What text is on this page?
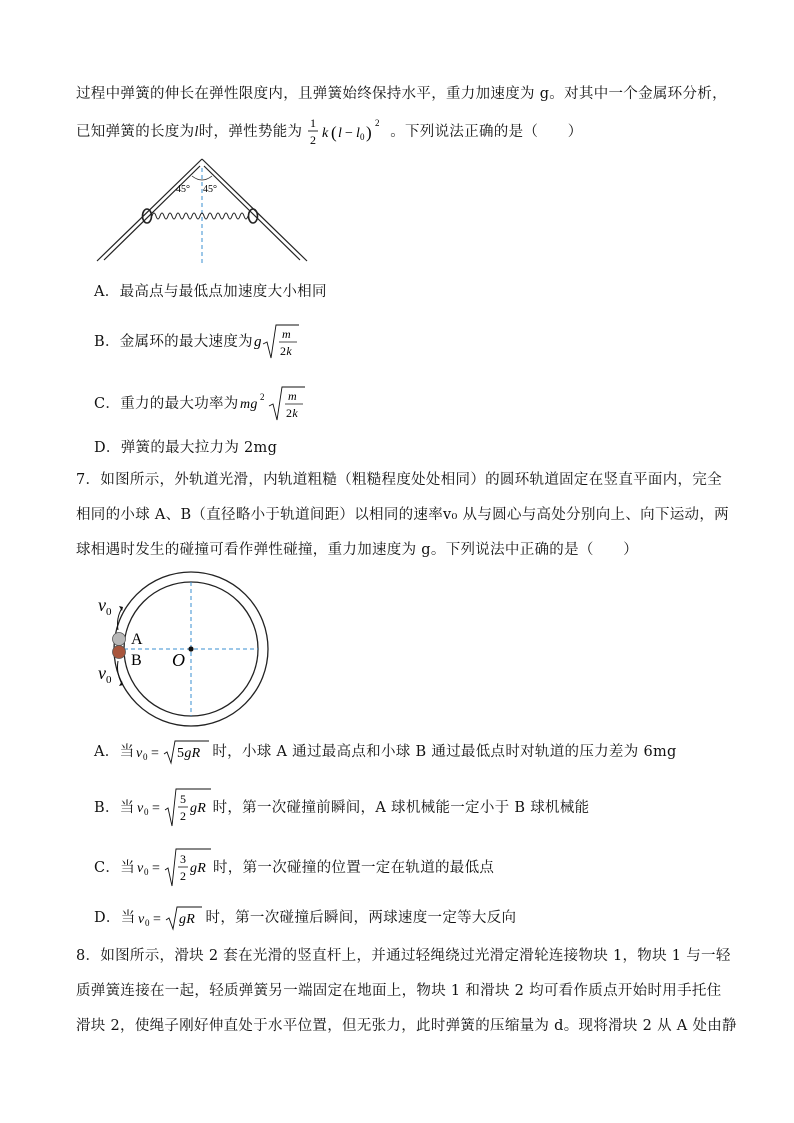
过程中弹簧的伸长在弹性限度内，且弹簧始终保持水平，重力加速度为 g。对其中一个金属环分析，
已知弹簧的长度为l时，弹性势能为
1
2 k ( l − l 0 ) 2
。下列说法正确的是（　　）
45° 45°
A．最高点与最低点加速度大小相同
B．金属环的最大速度为 g m
2k
C．重力的最大功率为 mg 2 m
2k
D．弹簧的最大拉力为 2mg
7．如图所示，外轨道光滑，内轨道粗糙（粗糙程度处处相同）的圆环轨道固定在竖直平面内，完全
相同的小球 A、B（直径略小于轨道间距）以相同的速率v₀ 从与圆心与高处分别向上、向下运动，两
球相遇时发生的碰撞可看作弹性碰撞，重力加速度为 g。下列说法中正确的是（　　）
O
A
B
$v_0$
$v_0$
A．当 v 0 = 5gR 时，小球 A 通过最高点和小球 B 通过最低点时对轨道的压力差为 6mg
B．当 v 0 =
5
2 gR 时，第一次碰撞前瞬间，A 球机械能一定小于 B 球机械能
C．当 v 0 =
3
2 gR 时，第一次碰撞的位置一定在轨道的最低点
D．当 v 0 = gR 时，第一次碰撞后瞬间，两球速度一定等大反向
8．如图所示，滑块 2 套在光滑的竖直杆上，并通过轻绳绕过光滑定滑轮连接物块 1，物块 1 与一轻
质弹簧连接在一起，轻质弹簧另一端固定在地面上，物块 1 和滑块 2 均可看作质点开始时用手托住
滑块 2，使绳子刚好伸直处于水平位置，但无张力，此时弹簧的压缩量为 d。现将滑块 2 从 A 处由静
